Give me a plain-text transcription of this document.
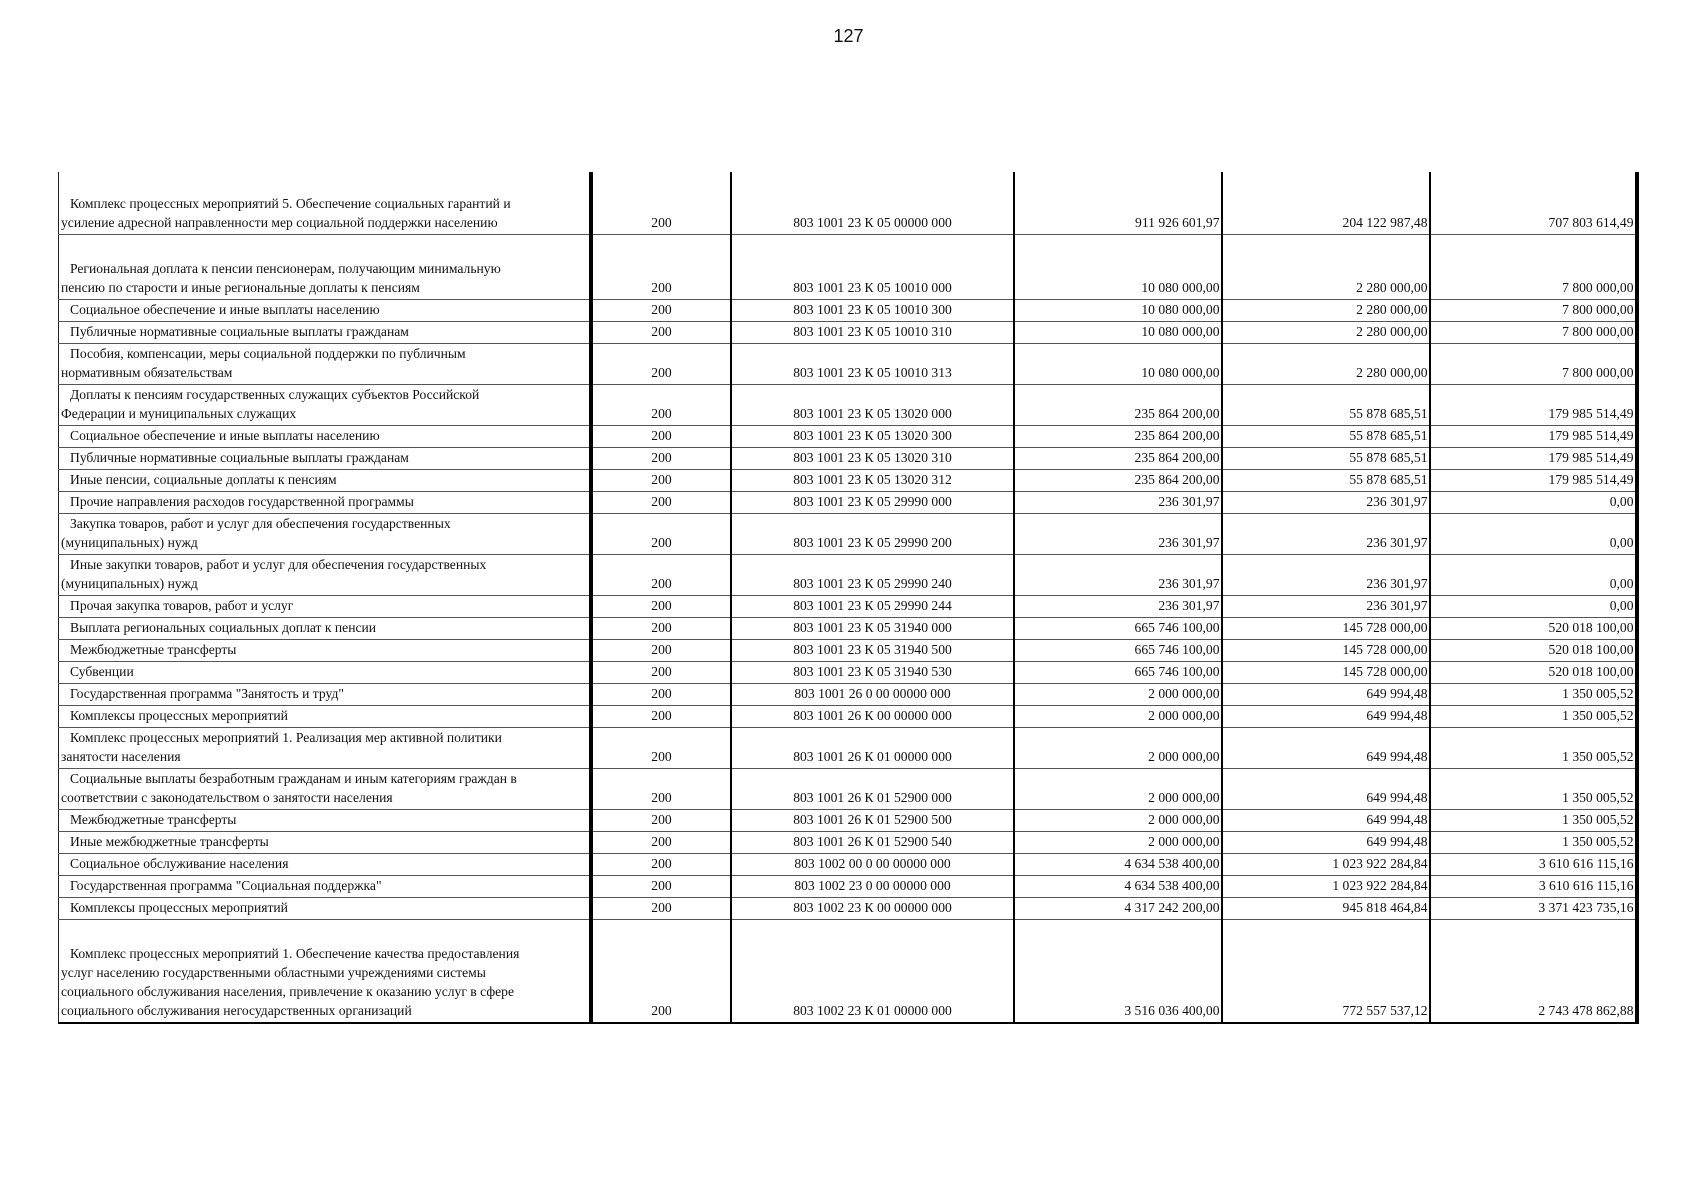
127
Комплекс процессных мероприятий 5. Обеспечение социальных гарантий и
усиление адресной направленности мер социальной поддержки населению	200	803 1001 23 К 05 00000 000	911 926 601,97	204 122 987,48	707 803 614,49
Региональная доплата к пенсии пенсионерам, получающим минимальную
пенсию по старости и иные региональные доплаты к пенсиям	200	803 1001 23 К 05 10010 000	10 080 000,00	2 280 000,00	7 800 000,00
Социальное обеспечение и иные выплаты населению	200	803 1001 23 К 05 10010 300	10 080 000,00	2 280 000,00	7 800 000,00
Публичные нормативные социальные выплаты гражданам	200	803 1001 23 К 05 10010 310	10 080 000,00	2 280 000,00	7 800 000,00
Пособия, компенсации, меры социальной поддержки по публичным
нормативным обязательствам	200	803 1001 23 К 05 10010 313	10 080 000,00	2 280 000,00	7 800 000,00
Доплаты к пенсиям государственных служащих субъектов Российской
Федерации и муниципальных служащих	200	803 1001 23 К 05 13020 000	235 864 200,00	55 878 685,51	179 985 514,49
Социальное обеспечение и иные выплаты населению	200	803 1001 23 К 05 13020 300	235 864 200,00	55 878 685,51	179 985 514,49
Публичные нормативные социальные выплаты гражданам	200	803 1001 23 К 05 13020 310	235 864 200,00	55 878 685,51	179 985 514,49
Иные пенсии, социальные доплаты к пенсиям	200	803 1001 23 К 05 13020 312	235 864 200,00	55 878 685,51	179 985 514,49
Прочие направления расходов государственной программы	200	803 1001 23 К 05 29990 000	236 301,97	236 301,97	0,00
Закупка товаров, работ и услуг для обеспечения государственных
(муниципальных) нужд	200	803 1001 23 К 05 29990 200	236 301,97	236 301,97	0,00
Иные закупки товаров, работ и услуг для обеспечения государственных
(муниципальных) нужд	200	803 1001 23 К 05 29990 240	236 301,97	236 301,97	0,00
Прочая закупка товаров, работ и услуг	200	803 1001 23 К 05 29990 244	236 301,97	236 301,97	0,00
Выплата региональных социальных доплат к пенсии	200	803 1001 23 К 05 31940 000	665 746 100,00	145 728 000,00	520 018 100,00
Межбюджетные трансферты	200	803 1001 23 К 05 31940 500	665 746 100,00	145 728 000,00	520 018 100,00
Субвенции	200	803 1001 23 К 05 31940 530	665 746 100,00	145 728 000,00	520 018 100,00
Государственная программа "Занятость и труд"	200	803 1001 26 0 00 00000 000	2 000 000,00	649 994,48	1 350 005,52
Комплексы процессных мероприятий	200	803 1001 26 К 00 00000 000	2 000 000,00	649 994,48	1 350 005,52
Комплекс процессных мероприятий 1. Реализация мер активной политики
занятости населения	200	803 1001 26 К 01 00000 000	2 000 000,00	649 994,48	1 350 005,52
Социальные выплаты безработным гражданам и иным категориям граждан в
соответствии с законодательством о занятости населения	200	803 1001 26 К 01 52900 000	2 000 000,00	649 994,48	1 350 005,52
Межбюджетные трансферты	200	803 1001 26 К 01 52900 500	2 000 000,00	649 994,48	1 350 005,52
Иные межбюджетные трансферты	200	803 1001 26 К 01 52900 540	2 000 000,00	649 994,48	1 350 005,52
Социальное обслуживание населения	200	803 1002 00 0 00 00000 000	4 634 538 400,00	1 023 922 284,84	3 610 616 115,16
Государственная программа "Социальная поддержка"	200	803 1002 23 0 00 00000 000	4 634 538 400,00	1 023 922 284,84	3 610 616 115,16
Комплексы процессных мероприятий	200	803 1002 23 К 00 00000 000	4 317 242 200,00	945 818 464,84	3 371 423 735,16
Комплекс процессных мероприятий 1. Обеспечение качества предоставления
услуг населению государственными областными учреждениями системы
социального обслуживания населения, привлечение к оказанию услуг в сфере
социального обслуживания негосударственных организаций	200	803 1002 23 К 01 00000 000	3 516 036 400,00	772 557 537,12	2 743 478 862,88
